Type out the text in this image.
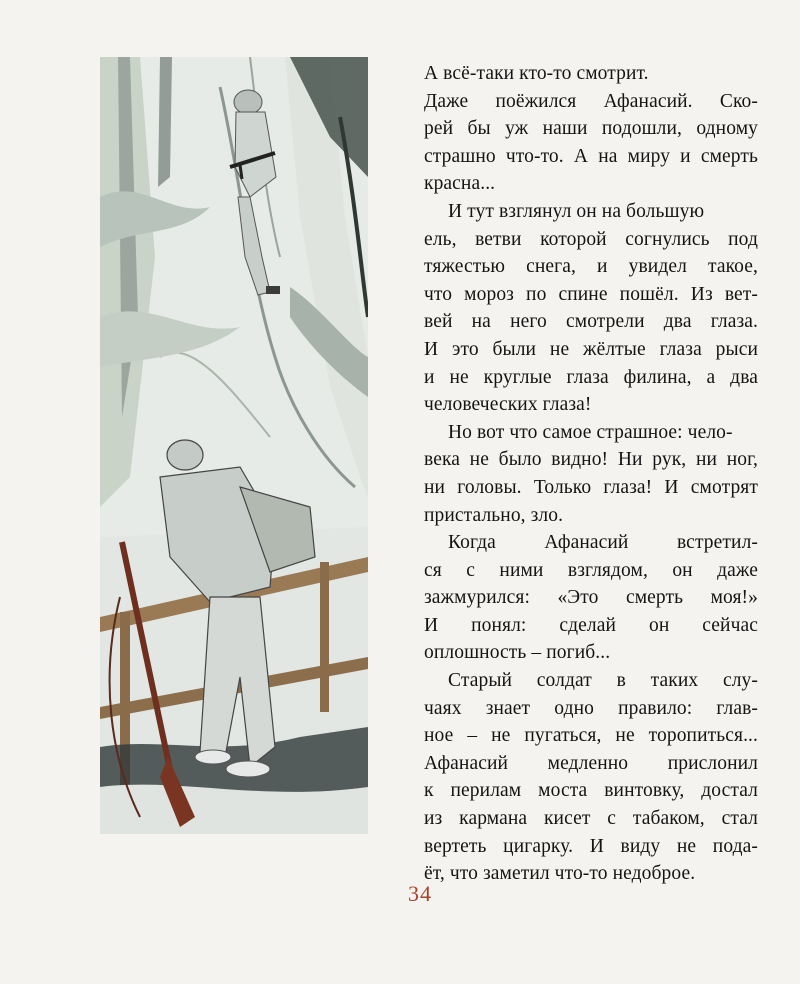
А всё-таки кто-то смотрит.
Даже поёжился Афанасий. Ско-
рей бы уж наши подошли, одному
страшно что-то. А на миру и смерть
красна...
И тут взглянул он на большую
ель, ветви которой согнулись под
тяжестью снега, и увидел такое,
что мороз по спине пошёл. Из вет-
вей на него смотрели два глаза.
И это были не жёлтые глаза рыси
и не круглые глаза филина, а два
человеческих глаза!
Но вот что самое страшное: чело-
века не было видно! Ни рук, ни ног,
ни головы. Только глаза! И смотрят
пристально, зло.
Когда Афанасий встретил-
ся с ними взглядом, он даже
зажмурился: «Это смерть моя!»
И понял: сделай он сейчас
оплошность – погиб...
Старый солдат в таких слу-
чаях знает одно правило: глав-
ное – не пугаться, не торопиться...
Афанасий медленно прислонил
к перилам моста винтовку, достал
из кармана кисет с табаком, стал
вертеть цигарку. И виду не пода-
ёт, что заметил что-то недоброе.
34
